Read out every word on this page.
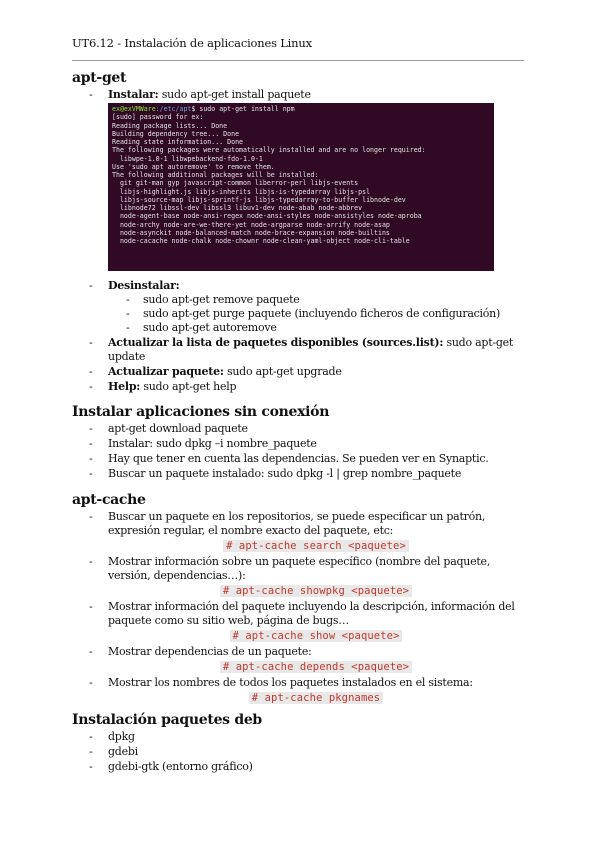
UT6.12 - Instalación de aplicaciones Linux
apt-get
- Instalar: sudo apt-get install paquete
ex@exVMWare:/etc/apt$ sudo apt-get install npm
[sudo] password for ex:
Reading package lists... Done
Building dependency tree... Done
Reading state information... Done
The following packages were automatically installed and are no longer required:
libwpe-1.0-1 libwpebackend-fdo-1.0-1
Use 'sudo apt autoremove' to remove them.
The following additional packages will be installed:
git git-man gyp javascript-common liberror-perl libjs-events
libjs-highlight.js libjs-inherits libjs-is-typedarray libjs-psl
libjs-source-map libjs-sprintf-js libjs-typedarray-to-buffer libnode-dev
libnode72 libssl-dev libssl3 libuv1-dev node-abab node-abbrev
node-agent-base node-ansi-regex node-ansi-styles node-ansistyles node-aproba
node-archy node-are-we-there-yet node-argparse node-arrify node-asap
node-asynckit node-balanced-match node-brace-expansion node-builtins
node-cacache node-chalk node-chownr node-clean-yaml-object node-cli-table
- Desinstalar:
- sudo apt-get remove paquete
- sudo apt-get purge paquete (incluyendo ficheros de configuración)
- sudo apt-get autoremove
- Actualizar la lista de paquetes disponibles (sources.list): sudo apt-get update
- Actualizar paquete: sudo apt-get upgrade
- Help: sudo apt-get help
Instalar aplicaciones sin conexión
- apt-get download paquete
- Instalar: sudo dpkg –i nombre_paquete
- Hay que tener en cuenta las dependencias. Se pueden ver en Synaptic.
- Buscar un paquete instalado: sudo dpkg -l | grep nombre_paquete
apt-cache
- Buscar un paquete en los repositorios, se puede especificar un patrón, expresión regular, el nombre exacto del paquete, etc:
# apt-cache search <paquete>
- Mostrar información sobre un paquete específico (nombre del paquete, versión, dependencias…):
# apt-cache showpkg <paquete>
- Mostrar información del paquete incluyendo la descripción, información del paquete como su sitio web, página de bugs…
# apt-cache show <paquete>
- Mostrar dependencias de un paquete:
# apt-cache depends <paquete>
- Mostrar los nombres de todos los paquetes instalados en el sistema:
# apt-cache pkgnames
Instalación paquetes deb
- dpkg
- gdebi
- gdebi-gtk (entorno gráfico)
